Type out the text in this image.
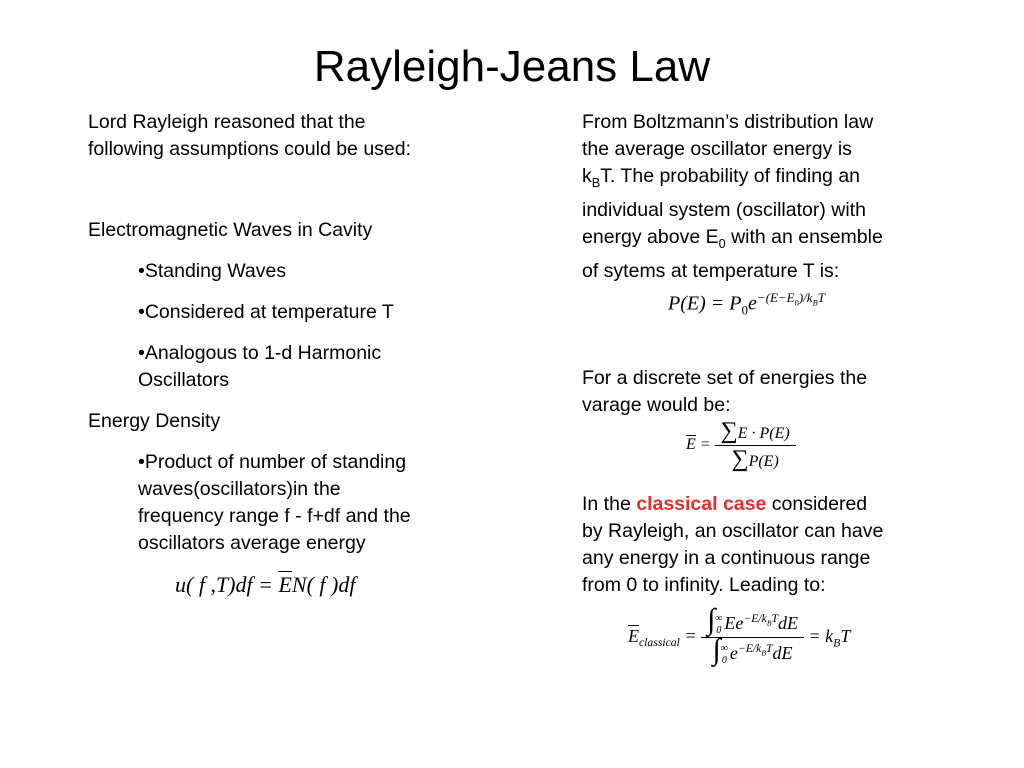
Rayleigh-Jeans Law

Lord Rayleigh reasoned that the

following assumptions could be used:

Electromagnetic Waves in Cavity

•Standing Waves

•Considered at temperature T

•Analogous to 1-d Harmonic

Oscillators

Energy Density

•Product of number of standing

waves(oscillators)in the

frequency range f - f+df and the

oscillators average energy

u( f ,T)df = EN( f )df

From Boltzmann’s distribution law

the average oscillator energy is

$k_BT$. The probability of finding an

individual system (oscillator) with

energy above $E_0$ with an ensemble

of sytems at temperature T is:

For a discrete set of energies the

varage would be:

In the classical case considered

by Rayleigh, an oscillator can have

any energy in a continuous range

from 0 to infinity. Leading to:

$P(E) = P_0e^{-(E-E_0)/k_BT}$
$E = \frac{\sum E \cdot P(E)}{\sum P(E)}$
$E_{classical}$ = ∫∞
0 $Ee^{-E/k_BT}dE$
∫∞
0 $e^{-E/k_BT}dE$
= $k_BT$
